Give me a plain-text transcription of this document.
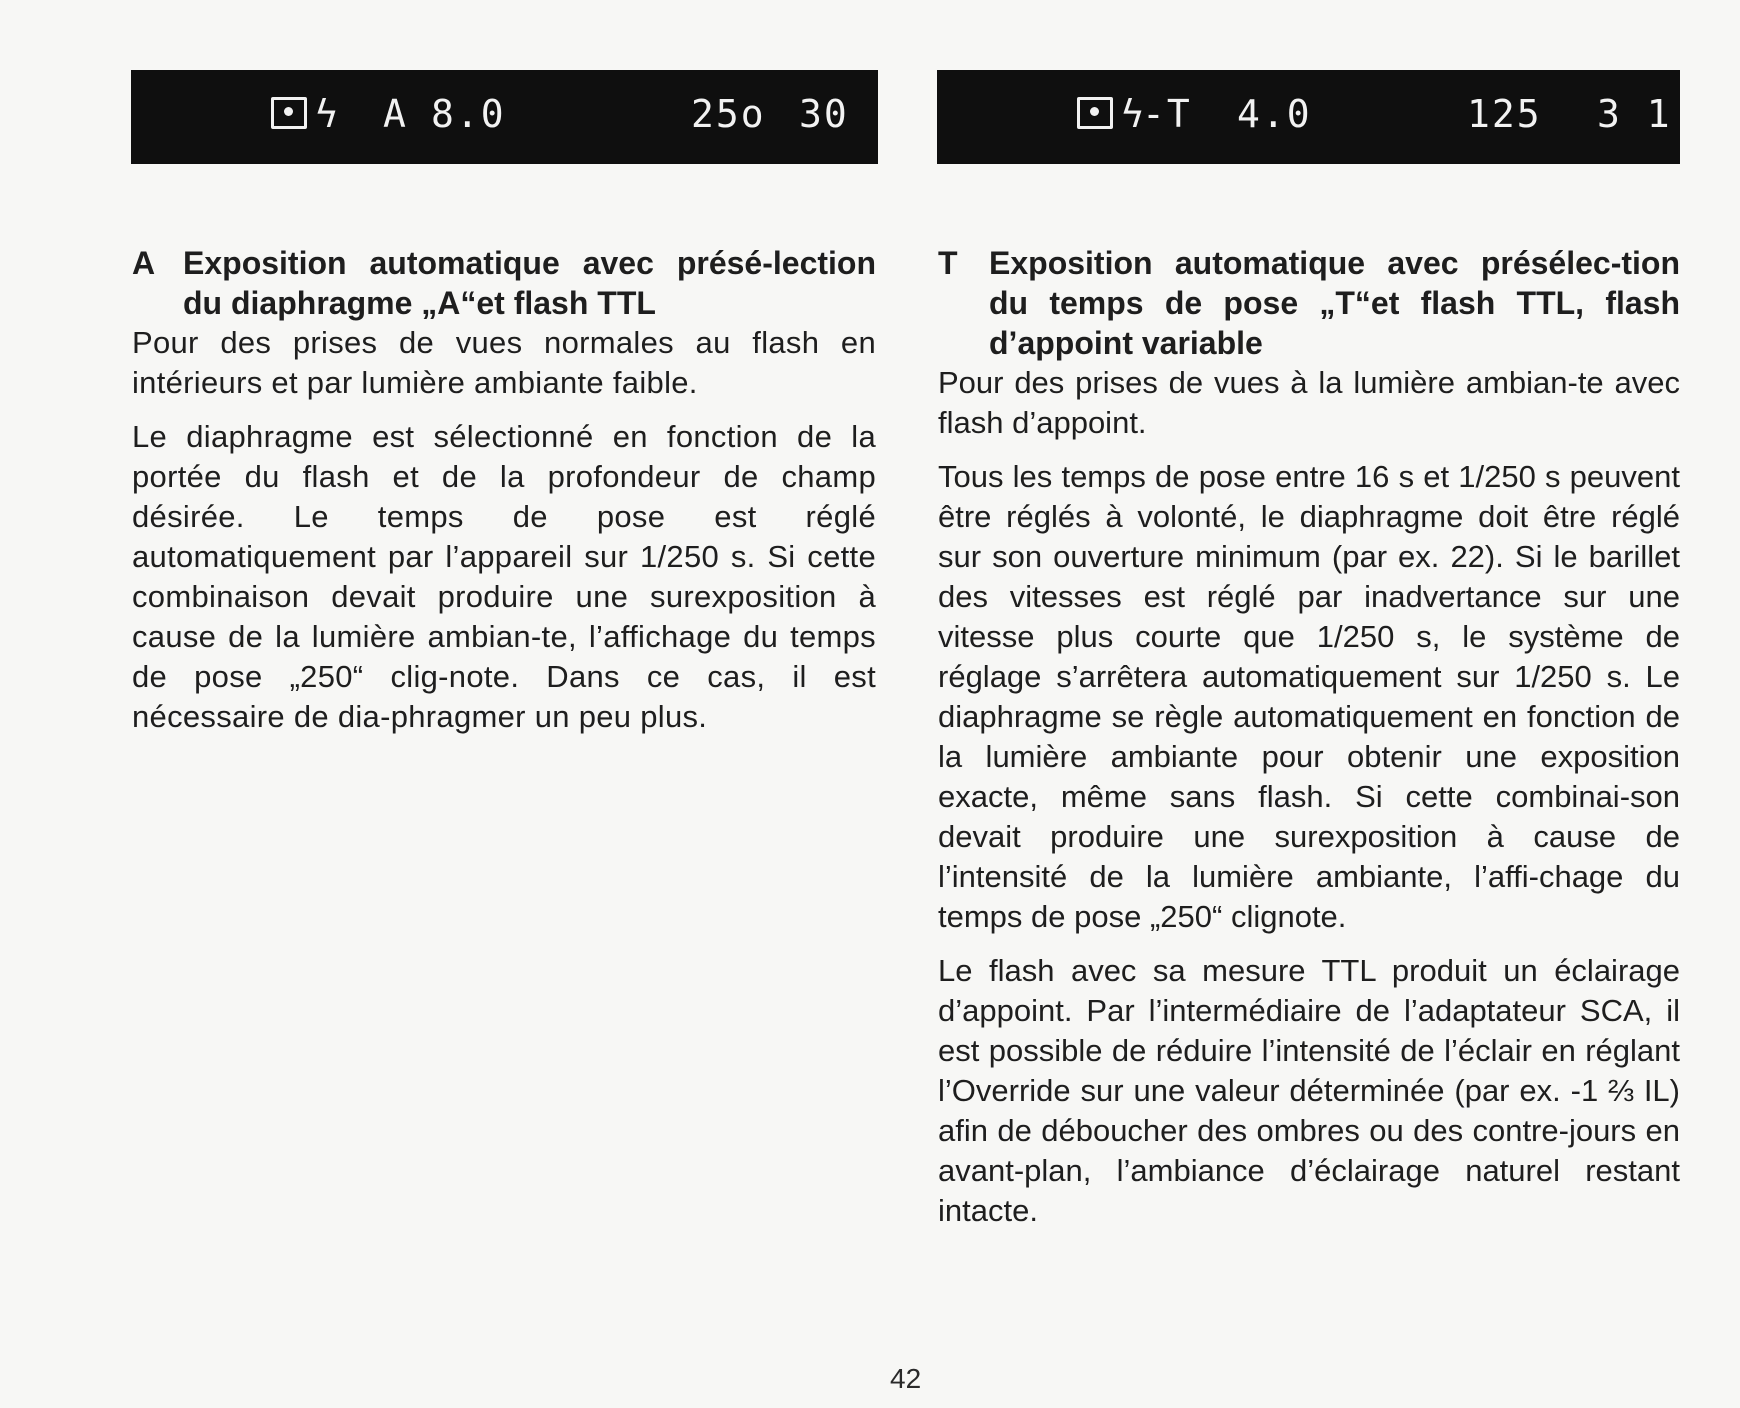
ϟ A 8.0	25o 30	ϟ
-T 4.0	125 3 1
A Exposition automatique avec présé-lection du diaphragme „A“et flash TTL

Pour des prises de vues normales au flash en intérieurs et par lumière ambiante faible.

Le diaphragme est sélectionné en fonction de la portée du flash et de la profondeur de champ désirée. Le temps de pose est réglé automatiquement par l’appareil sur 1/250 s. Si cette combinaison devait produire une surexposition à cause de la lumière ambian-te, l’affichage du temps de pose „250“ clig-note. Dans ce cas, il est nécessaire de dia-phragmer un peu plus.

T Exposition automatique avec présélec-tion du temps de pose „T“et flash TTL, flash d’appoint variable

Pour des prises de vues à la lumière ambian-te avec flash d’appoint.

Tous les temps de pose entre 16 s et 1/250 s peuvent être réglés à volonté, le diaphragme doit être réglé sur son ouverture minimum (par ex. 22). Si le barillet des vitesses est réglé par inadvertance sur une vitesse plus courte que 1/250 s, le système de réglage s’arrêtera automatiquement sur 1/250 s. Le diaphragme se règle automatiquement en fonction de la lumière ambiante pour obtenir une exposition exacte, même sans flash. Si cette combinai-son devait produire une surexposition à cause de l’intensité de la lumière ambiante, l’affi-chage du temps de pose „250“ clignote.

Le flash avec sa mesure TTL produit un éclairage d’appoint. Par l’intermédiaire de l’adaptateur SCA, il est possible de réduire l’intensité de l’éclair en réglant l’Override sur une valeur déterminée (par ex. -1 ⅔ IL) afin de déboucher des ombres ou des contre-jours en avant-plan, l’ambiance d’éclairage naturel restant intacte.

42
